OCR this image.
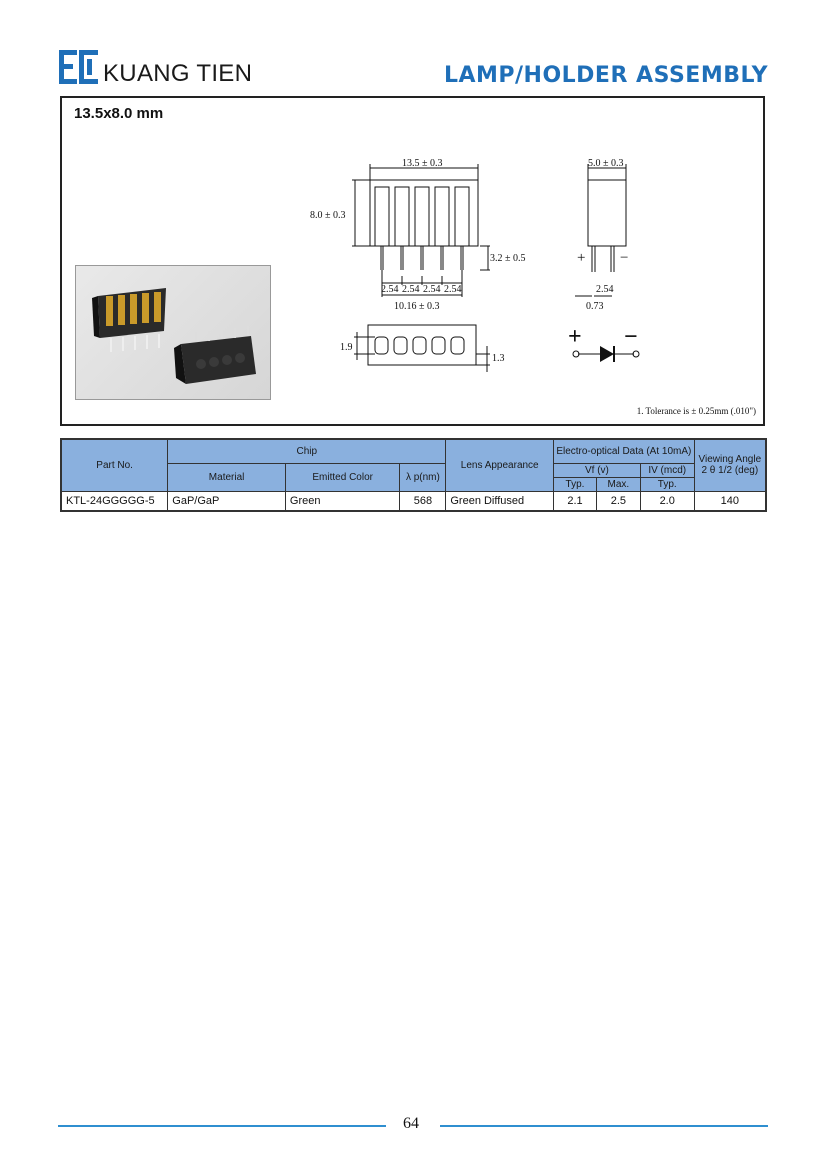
KUANG TIEN	LAMP/HOLDER ASSEMBLY
13.5x8.0 mm
+ −
+ −
13.5 ± 0.3
8.0 ± 0.3
3.2 ± 0.5
2.54 2.54 2.54 2.54
10.16 ± 0.3
5.0 ± 0.3
2.54
0.73
1.9
1.3
1. Tolerance is ± 0.25mm (.010")
Part No.	Chip			Lens Appearance	Electro-optical Data (At 10mA)			Viewing Angle 2 θ 1/2 (deg)
	Material	Emitted Color	λ p(nm)		Vf (v)		IV (mcd)	
					Typ.	Max.	Typ.	
KTL-24GGGGG-5	GaP/GaP	Green	568	Green Diffused	2.1	2.5	2.0	140
64
